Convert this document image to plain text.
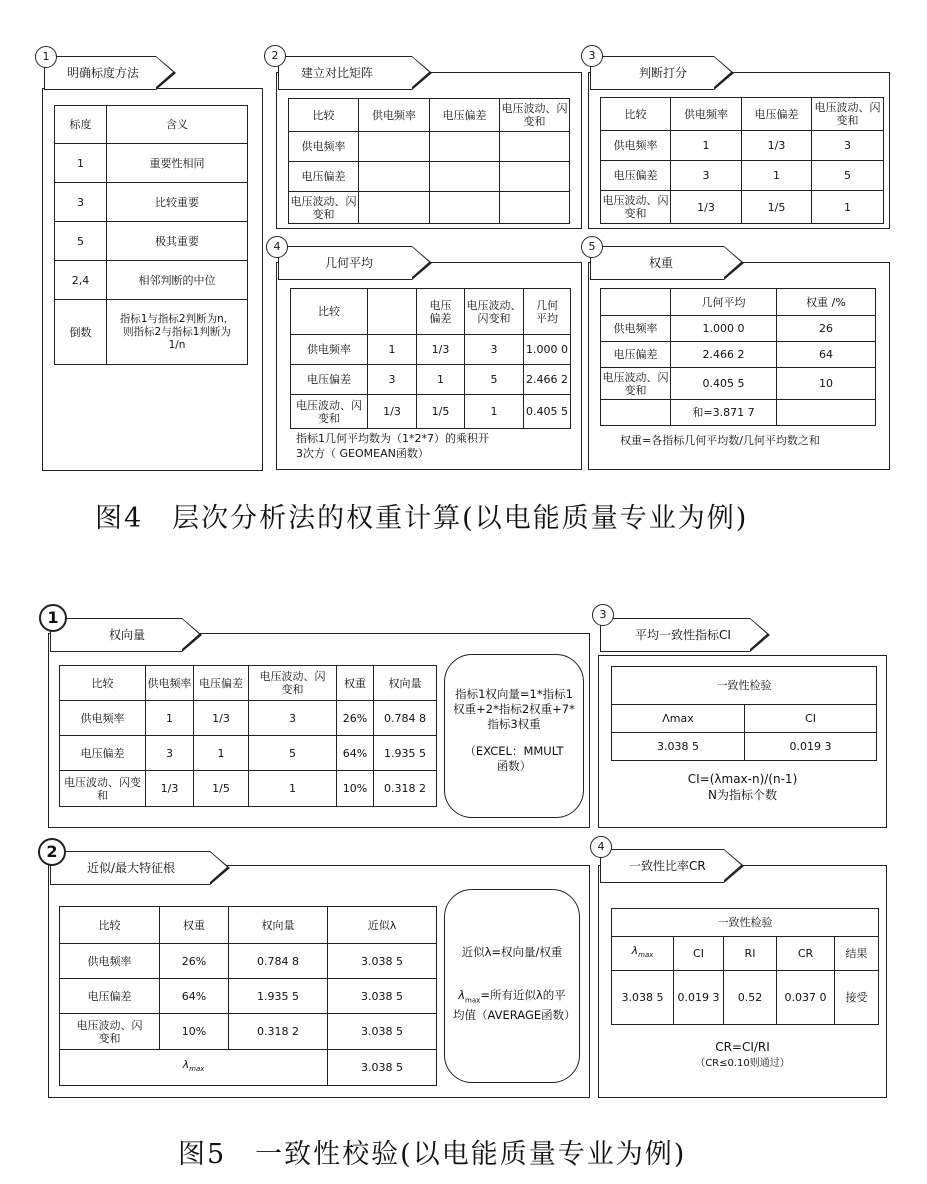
明确标度方法
1
标度	含义
1	重要性相同
3	比较重要
5	极其重要
2,4	相邻判断的中位
倒数	指标1与指标2判断为n，则指标2与指标1判断为1/n
建立对比矩阵
2
比较	供电频率	电压偏差	电压波动、闪变和
供电频率			
电压偏差			
电压波动、闪变和			
判断打分
3
比较	供电频率	电压偏差	电压波动、闪变和
供电频率	1	1/3	3
电压偏差	3	1	5
电压波动、闪变和	1/3	1/5	1
几何平均
4
比较		电压偏差	电压波动、闪变和	几何平均
供电频率	1	1/3	3	1.000 0
电压偏差	3	1	5	2.466 2
电压波动、闪变和	1/3	1/5	1	0.405 5
指标1几何平均数为（1*2*7）的乘积开
3次方（ GEOMEAN函数）
权重
5
	几何平均	权重 /%
供电频率	1.000 0	26
电压偏差	2.466 2	64
电压波动、闪变和	0.405 5	10
	和=3.871 7	
权重=各指标几何平均数/几何平均数之和
图4　层次分析法的权重计算(以电能质量专业为例)
权向量
1
比较	供电频率	电压偏差	电压波动、闪变和	权重	权向量
供电频率	1	1/3	3	26%	0.784 8
电压偏差	3	1	5	64%	1.935 5
电压波动、闪变和	1/3	1/5	1	10%	0.318 2
指标1权向量=1*指标1权重+2*指标2权重+7*指标3权重
（EXCEL：MMULT函数）
近似/最大特征根
2
比较	权重	权向量	近似λ
供电频率	26%	0.784 8	3.038 5
电压偏差	64%	1.935 5	3.038 5
电压波动、闪变和	10%	0.318 2	3.038 5
$\lambda_{max}$			3.038 5
近似λ=权向量/权重
$\lambda_{max}=$所有近似λ的平均值（AVERAGE函数）
平均一致性指标CI
3
一致性检验	
Λmax	CI
3.038 5	0.019 3
CI=(λmax-n)/(n-1)
N为指标个数
一致性比率CR
4
一致性检验				
$\lambda_{max}$	CI	RI	CR	结果
3.038 5	0.019 3	0.52	0.037 0	接受
CR=CI/RI
（CR≤0.10则通过）
图5　一致性校验(以电能质量专业为例)
